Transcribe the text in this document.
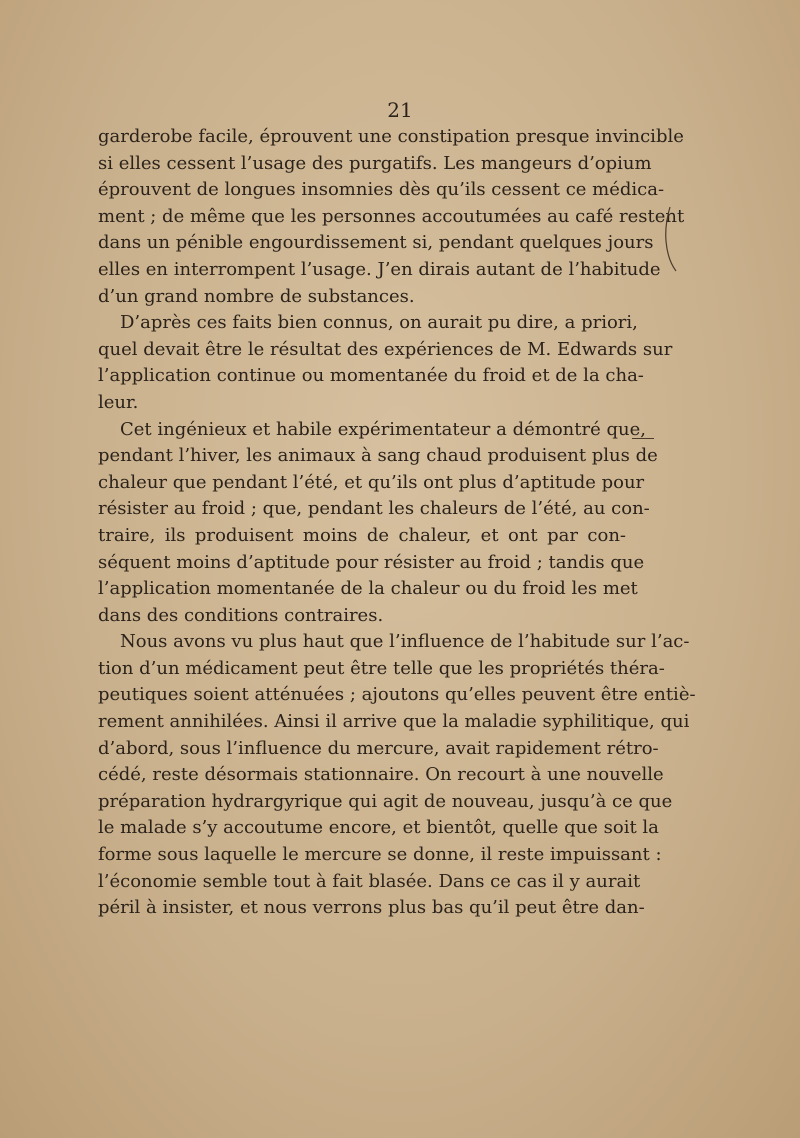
21
garderobe facile, éprouvent une constipation presque invincible
si elles cessent l’usage des purgatifs. Les mangeurs d’opium
éprouvent de longues insomnies dès qu’ils cessent ce médica-
ment ; de même que les personnes accoutumées au café restent
dans un pénible engourdissement si, pendant quelques jours
elles en interrompent l’usage. J’en dirais autant de l’habitude
d’un grand nombre de substances.
D’après ces faits bien connus, on aurait pu dire, a priori,
quel devait être le résultat des expériences de M. Edwards sur
l’application continue ou momentanée du froid et de la cha-
leur.
Cet ingénieux et habile expérimentateur a démontré que,
pendant l’hiver, les animaux à sang chaud produisent plus de
chaleur que pendant l’été, et qu’ils ont plus d’aptitude pour
résister au froid ; que, pendant les chaleurs de l’été, au con-
traire, ils produisent moins de chaleur, et ont par con-
séquent moins d’aptitude pour résister au froid ; tandis que
l’application momentanée de la chaleur ou du froid les met
dans des conditions contraires.
Nous avons vu plus haut que l’influence de l’habitude sur l’ac-
tion d’un médicament peut être telle que les propriétés théra-
peutiques soient atténuées ; ajoutons qu’elles peuvent être entiè-
rement annihilées. Ainsi il arrive que la maladie syphilitique, qui
d’abord, sous l’influence du mercure, avait rapidement rétro-
cédé, reste désormais stationnaire. On recourt à une nouvelle
préparation hydrargyrique qui agit de nouveau, jusqu’à ce que
le malade s’y accoutume encore, et bientôt, quelle que soit la
forme sous laquelle le mercure se donne, il reste impuissant :
l’économie semble tout à fait blasée. Dans ce cas il y aurait
péril à insister, et nous verrons plus bas qu’il peut être dan-
